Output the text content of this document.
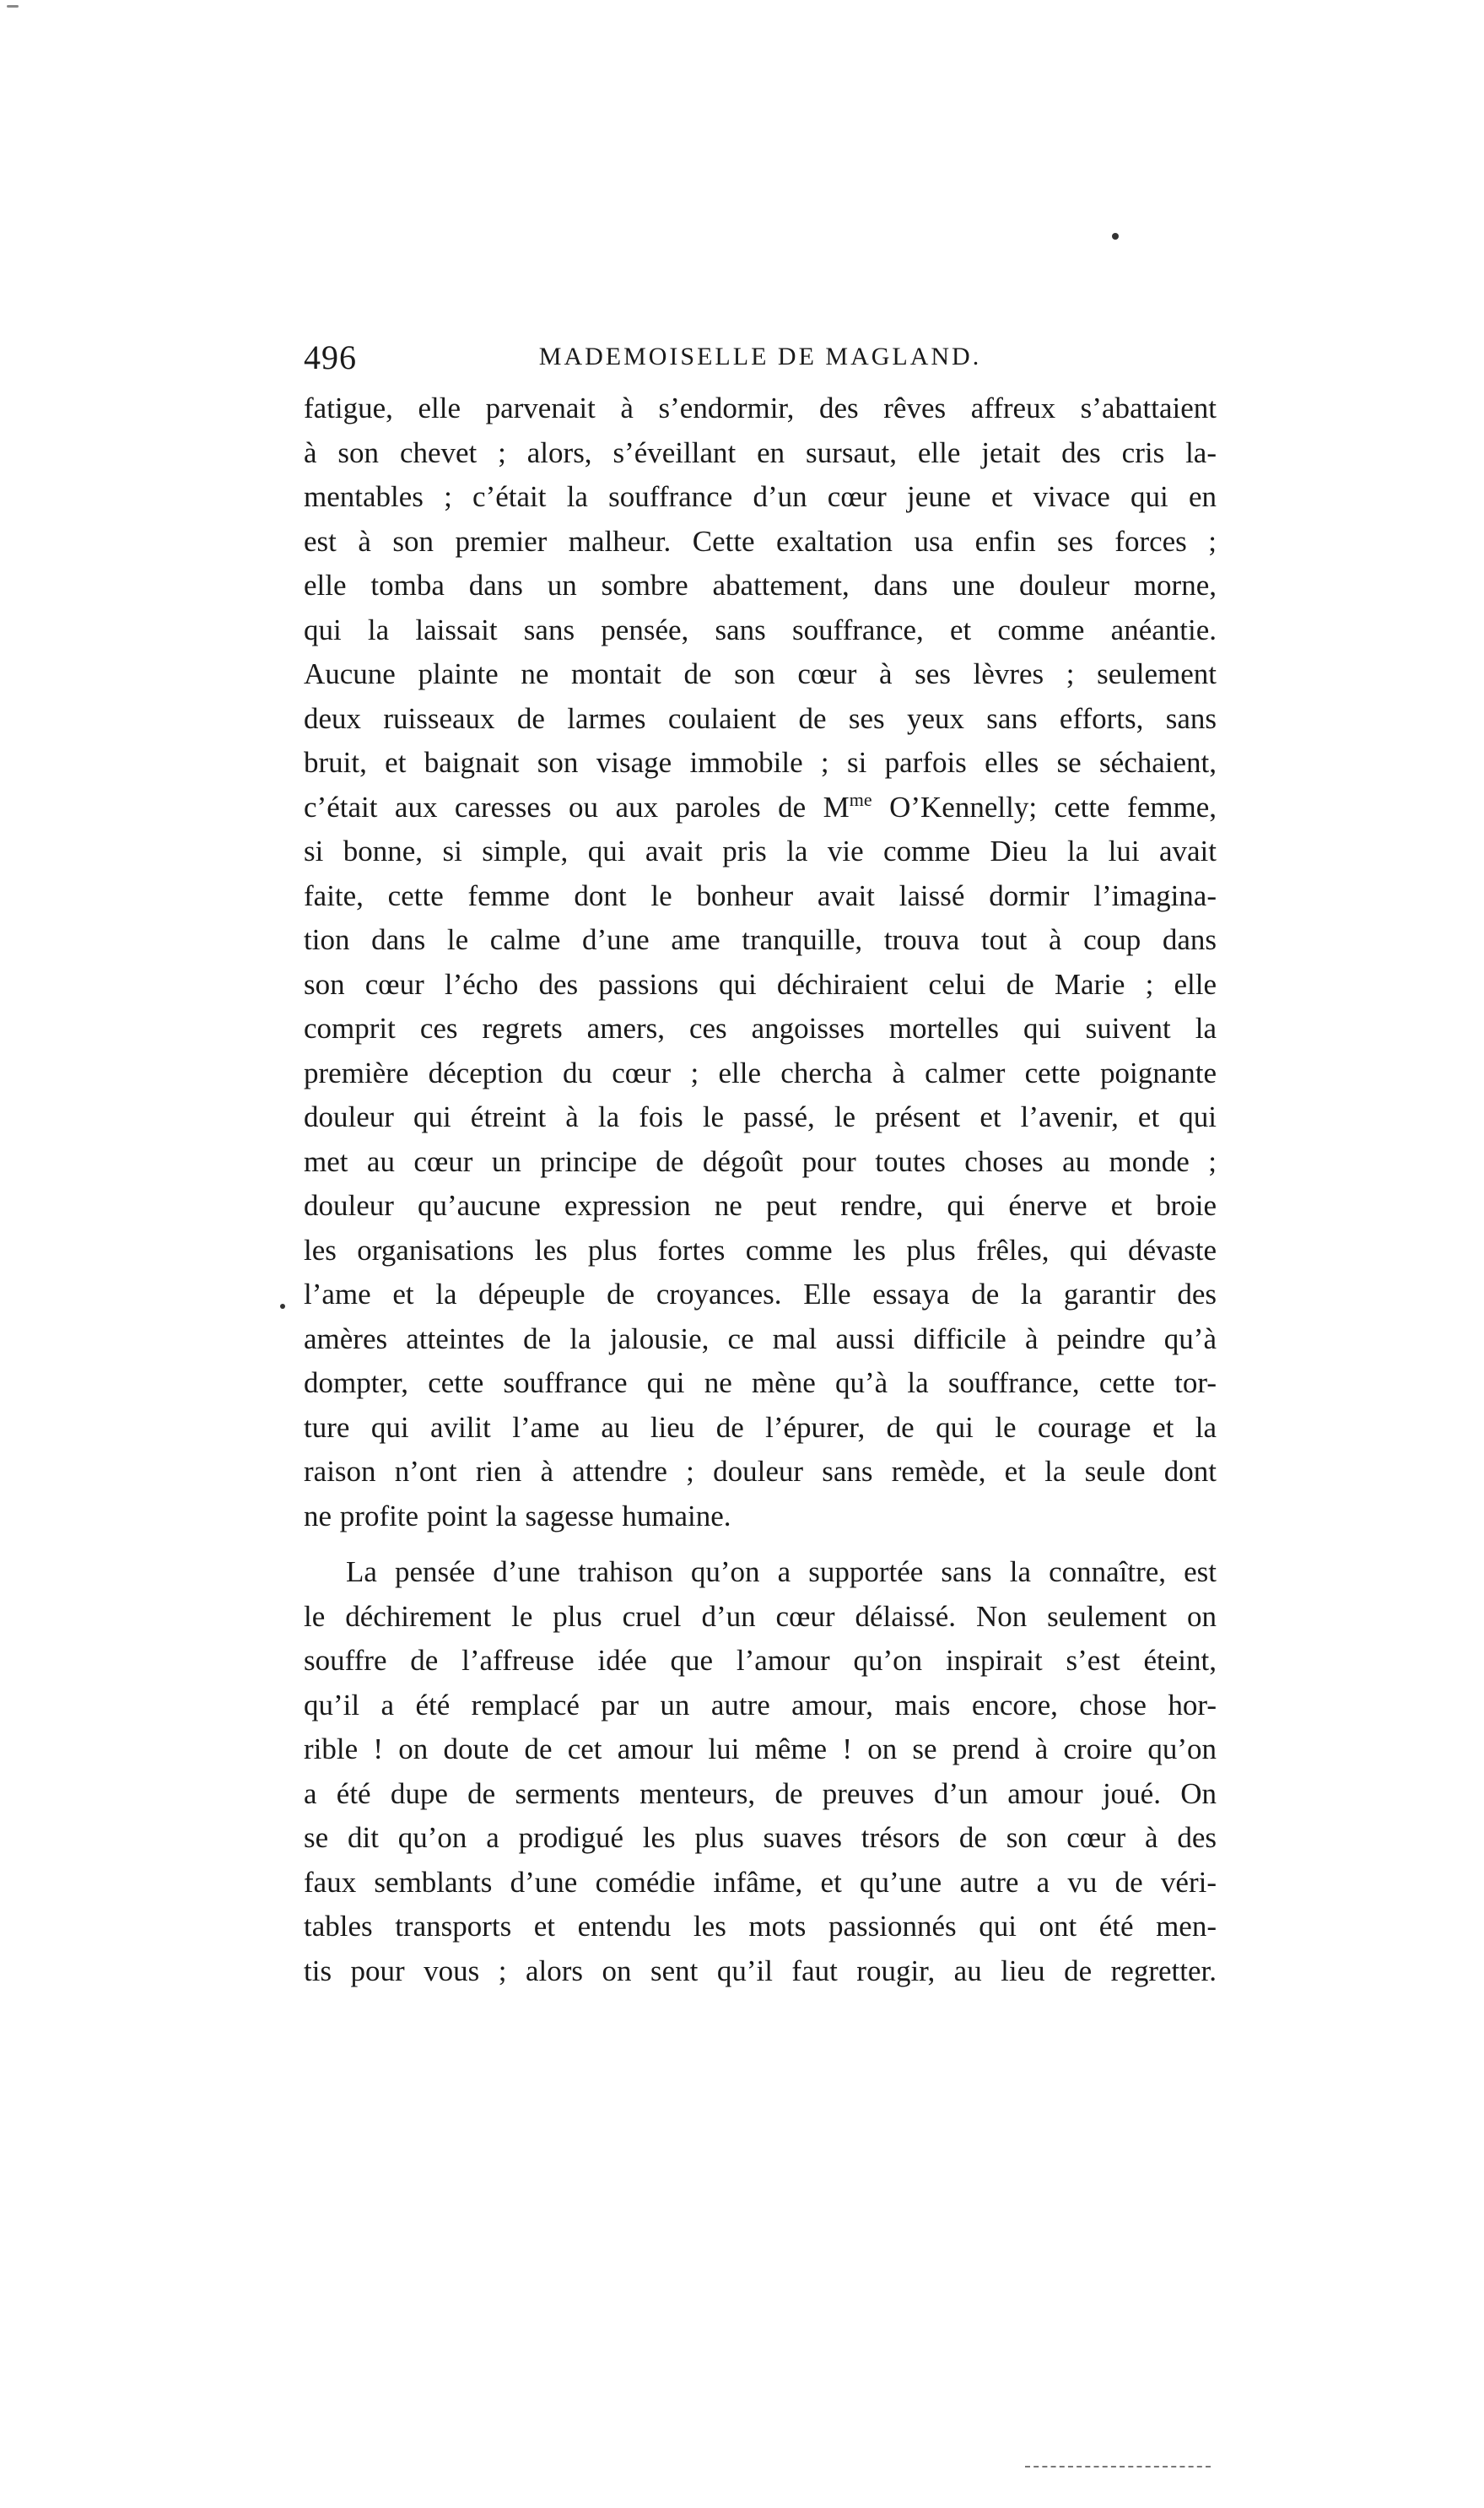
496	MADEMOISELLE DE MAGLAND.
fatigue, elle parvenait à s’endormir, des rêves affreux s’abattaient
à son chevet ; alors, s’éveillant en sursaut, elle jetait des cris la-
mentables ; c’était la souffrance d’un cœur jeune et vivace qui en
est à son premier malheur. Cette exaltation usa enfin ses forces ;
elle tomba dans un sombre abattement, dans une douleur morne,
qui la laissait sans pensée, sans souffrance, et comme anéantie.
Aucune plainte ne montait de son cœur à ses lèvres ; seulement
deux ruisseaux de larmes coulaient de ses yeux sans efforts, sans
bruit, et baignait son visage immobile ; si parfois elles se séchaient,
c’était aux caresses ou aux paroles de $M^{me}$ O’Kennelly; cette femme,
si bonne, si simple, qui avait pris la vie comme Dieu la lui avait
faite, cette femme dont le bonheur avait laissé dormir l’imagina-
tion dans le calme d’une ame tranquille, trouva tout à coup dans
son cœur l’écho des passions qui déchiraient celui de Marie ; elle
comprit ces regrets amers, ces angoisses mortelles qui suivent la
première déception du cœur ; elle chercha à calmer cette poignante
douleur qui étreint à la fois le passé, le présent et l’avenir, et qui
met au cœur un principe de dégoût pour toutes choses au monde ;
douleur qu’aucune expression ne peut rendre, qui énerve et broie
les organisations les plus fortes comme les plus frêles, qui dévaste
l’ame et la dépeuple de croyances. Elle essaya de la garantir des
amères atteintes de la jalousie, ce mal aussi difficile à peindre qu’à
dompter, cette souffrance qui ne mène qu’à la souffrance, cette tor-
ture qui avilit l’ame au lieu de l’épurer, de qui le courage et la
raison n’ont rien à attendre ; douleur sans remède, et la seule dont
ne profite point la sagesse humaine.
La pensée d’une trahison qu’on a supportée sans la connaître, est
le déchirement le plus cruel d’un cœur délaissé. Non seulement on
souffre de l’affreuse idée que l’amour qu’on inspirait s’est éteint,
qu’il a été remplacé par un autre amour, mais encore, chose hor-
rible ! on doute de cet amour lui même ! on se prend à croire qu’on
a été dupe de serments menteurs, de preuves d’un amour joué. On
se dit qu’on a prodigué les plus suaves trésors de son cœur à des
faux semblants d’une comédie infâme, et qu’une autre a vu de véri-
tables transports et entendu les mots passionnés qui ont été men-
tis pour vous ; alors on sent qu’il faut rougir, au lieu de regretter.
